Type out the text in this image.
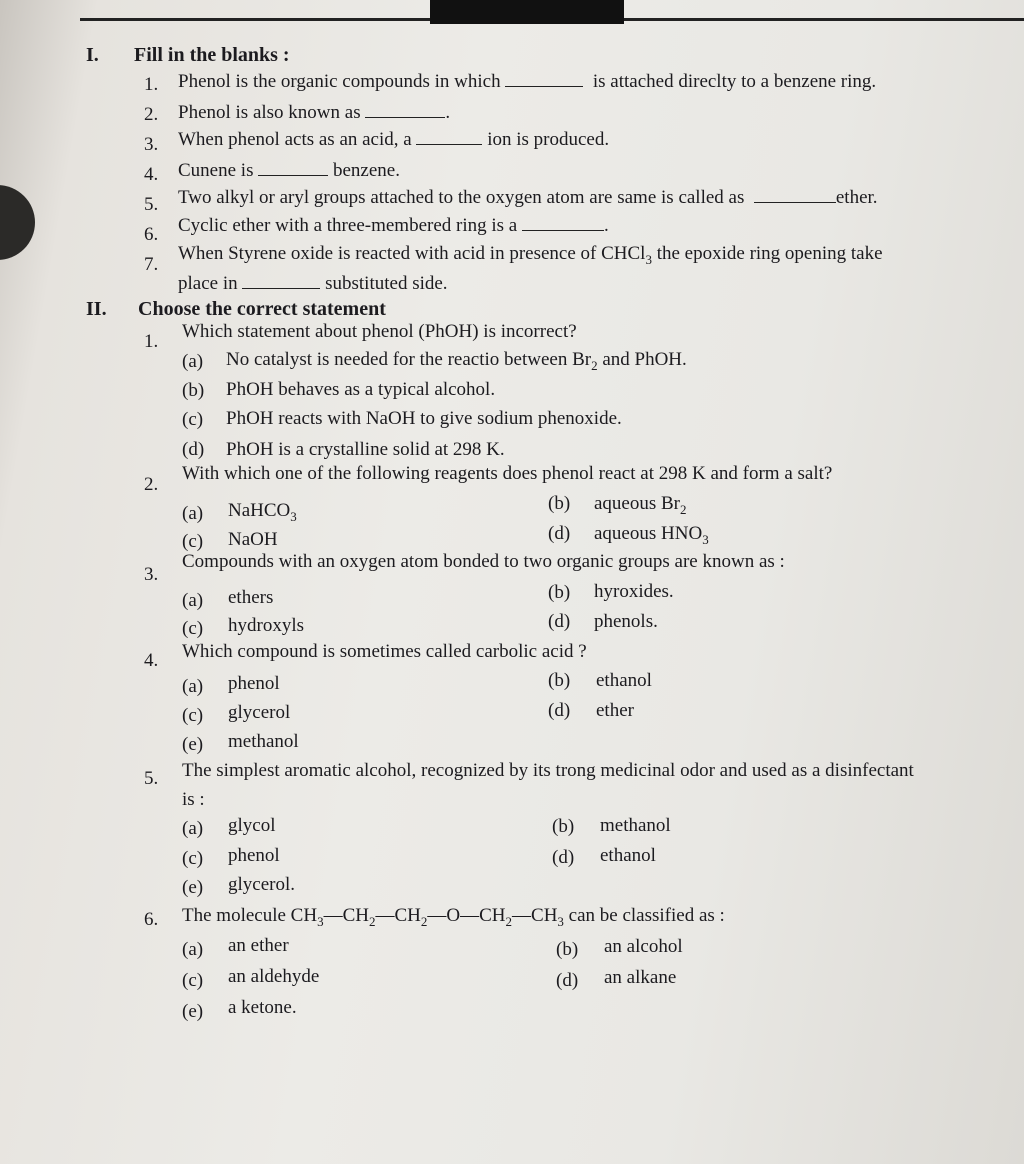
I. Fill in the blanks :
1. Phenol is the organic compounds in which	is attached direclty to a benzene ring.
2. Phenol is also known as	.
3. When phenol acts as an acid, a	ion is produced.
4. Cunene is	benzene.
5. Two alkyl or aryl groups attached to the oxygen atom are same is called as	ether.
6. Cyclic ether with a three-membered ring is a	.
7.
When Styrene oxide is reacted with acid in presence of CHCl$_3$ the epoxide ring opening take
place in	substituted side.
II. Choose the correct statement
1. Which statement about phenol (PhOH) is incorrect?
(a) No catalyst is needed for the reactio between $Br_2$ and PhOH.
(b) PhOH behaves as a typical alcohol.
(c) PhOH reacts with NaOH to give sodium phenoxide.
(d) PhOH is a crystalline solid at 298 K.
2.
With which one of the following reagents does phenol react at 298 K and form a salt?
(a) NaHCO$_3$
(b) aqueous $Br_2$
(c) NaOH	(d) aqueous $HNO_3$
3.
Compounds with an oxygen atom bonded to two organic groups are known as :
(a) ethers	(b) hyroxides.
(c) hydroxyls	(d) phenols.
4. Which compound is sometimes called carbolic acid ?
(a) phenol	(b) ethanol
(c) glycerol	(d) ether
(e) methanol
5. The simplest aromatic alcohol, recognized by its trong medicinal odor and used as a disinfectant
is :
(a) glycol	(b) methanol
(c) phenol	(d) ethanol
(e) glycerol.
6. The molecule $CH_3—CH_2—CH_2—O—CH_2—CH_3$ can be classified as :
(a) an ether	(b) an alcohol
(c) an aldehyde	(d) an alkane
(e) a ketone.
